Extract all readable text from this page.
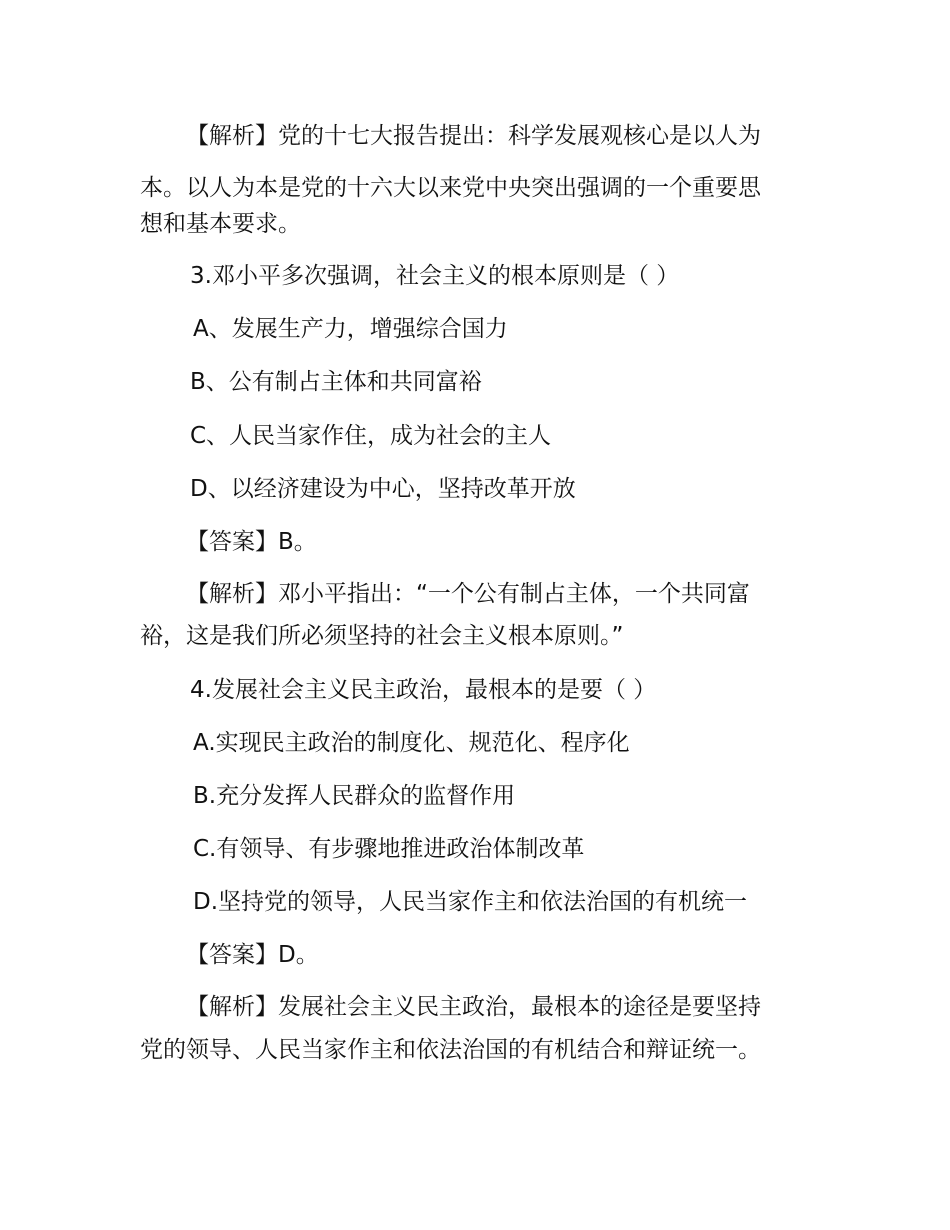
【解析】党的十七大报告提出：科学发展观核心是以人为
本。以人为本是党的十六大以来党中央突出强调的一个重要思
想和基本要求。
3.邓小平多次强调，社会主义的根本原则是（ ）
A、发展生产力，增强综合国力
B、公有制占主体和共同富裕
C、人民当家作住，成为社会的主人
D、以经济建设为中心，坚持改革开放
【答案】B。
【解析】邓小平指出：“一个公有制占主体，一个共同富
裕，这是我们所必须坚持的社会主义根本原则。”
4.发展社会主义民主政治，最根本的是要（ ）
A.实现民主政治的制度化、规范化、程序化
B.充分发挥人民群众的监督作用
C.有领导、有步骤地推进政治体制改革
D.坚持党的领导，人民当家作主和依法治国的有机统一
【答案】D。
【解析】发展社会主义民主政治，最根本的途径是要坚持
党的领导、人民当家作主和依法治国的有机结合和辩证统一。
